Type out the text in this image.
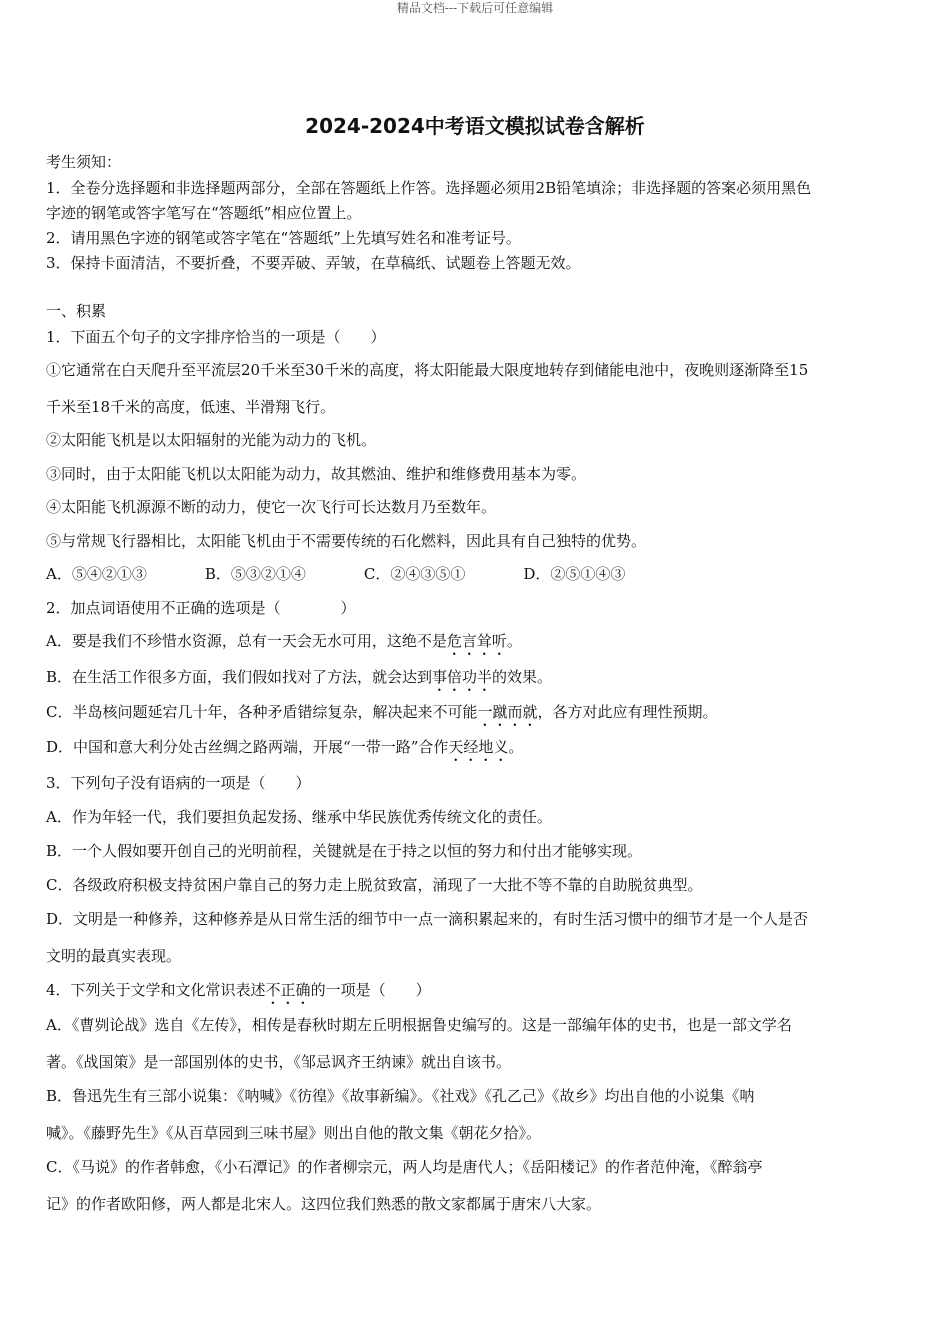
精品文档---下载后可任意编辑
2024-2024中考语文模拟试卷含解析
考生须知：
1．全卷分选择题和非选择题两部分，全部在答题纸上作答。选择题必须用2B铅笔填涂；非选择题的答案必须用黑色
字迹的钢笔或答字笔写在“答题纸”相应位置上。
2．请用黑色字迹的钢笔或答字笔在“答题纸”上先填写姓名和准考证号。
3．保持卡面清洁，不要折叠，不要弄破、弄皱，在草稿纸、试题卷上答题无效。
一、积累
1．下面五个句子的文字排序恰当的一项是（　　）
①它通常在白天爬升至平流层20千米至30千米的高度，将太阳能最大限度地转存到储能电池中，夜晚则逐渐降至15
千米至18千米的高度，低速、半滑翔飞行。
②太阳能飞机是以太阳辐射的光能为动力的飞机。
③同时，由于太阳能飞机以太阳能为动力，故其燃油、维护和维修费用基本为零。
④太阳能飞机源源不断的动力，使它一次飞行可长达数月乃至数年。
⑤与常规飞行器相比，太阳能飞机由于不需要传统的石化燃料，因此具有自己独特的优势。
A．⑤④②①③	B．⑤③②①④	C．②④③⑤①	D．②⑤①④③
2．加点词语使用不正确的选项是（　　　　）
A．要是我们不珍惜水资源，总有一天会无水可用，这绝不是危言耸听。
B．在生活工作很多方面，我们假如找对了方法，就会达到事倍功半的效果。
C．半岛核问题延宕几十年，各种矛盾错综复杂，解决起来不可能一蹴而就，各方对此应有理性预期。
D．中国和意大利分处古丝绸之路两端，开展“一带一路”合作天经地义。
3．下列句子没有语病的一项是（　　）
A．作为年轻一代，我们要担负起发扬、继承中华民族优秀传统文化的责任。
B．一个人假如要开创自己的光明前程，关键就是在于持之以恒的努力和付出才能够实现。
C．各级政府积极支持贫困户靠自己的努力走上脱贫致富，涌现了一大批不等不靠的自助脱贫典型。
D．文明是一种修养，这种修养是从日常生活的细节中一点一滴积累起来的，有时生活习惯中的细节才是一个人是否
文明的最真实表现。
4．下列关于文学和文化常识表述不正确的一项是（　　）
A．《曹刿论战》选自《左传》，相传是春秋时期左丘明根据鲁史编写的。这是一部编年体的史书，也是一部文学名
著。《战国策》是一部国别体的史书，《邹忌讽齐王纳谏》就出自该书。
B．鲁迅先生有三部小说集：《呐喊》《彷徨》《故事新编》。《社戏》《孔乙己》《故乡》均出自他的小说集《呐
喊》。《藤野先生》《从百草园到三味书屋》则出自他的散文集《朝花夕拾》。
C．《马说》的作者韩愈，《小石潭记》的作者柳宗元，两人均是唐代人；《岳阳楼记》的作者范仲淹，《醉翁亭
记》的作者欧阳修，两人都是北宋人。这四位我们熟悉的散文家都属于唐宋八大家。
